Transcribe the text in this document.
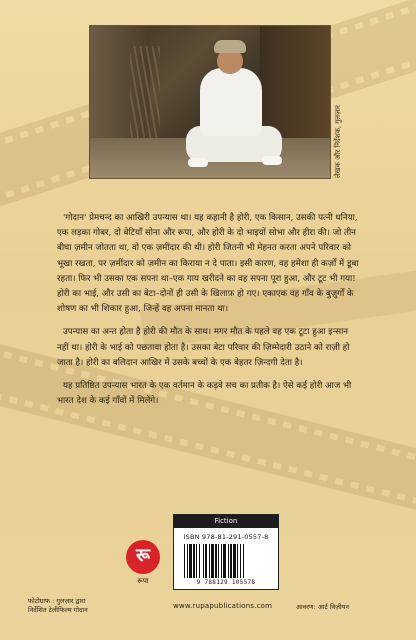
लेखक और निर्देशक, गुलज़ार

'गोदान' प्रेमचन्द का आखिरी उपन्यास था। यह कहानी है होरी, एक किसान, उसकी पत्नी धनिया, एक लड़का गोबर, दो बेटियाँ सोना और रूपा, और होरी के दो भाइयों सोभा और हीरा की। जो तीन बीघा ज़मीन जोतता था, वो एक ज़मींदार की थी। होरी जितनी भी मेहनत करता अपने परिवार को भूखा रखता, पर ज़मींदार को ज़मीन का किराया न दे पाता। इसी कारण, वह हमेशा ही कर्ज़ों में डूबा रहता। फिर भी उसका एक सपना था–एक गाय खरीदने का वह सपना पूरा हुआ, और टूट भी गया! होरी का भाई, और उसी का बेटा–दोनों ही उसी के खिलाफ़ हो गए। एकाएक वह गाँव के बुज़ुर्गों के शोषण का भी शिकार हुआ, जिन्हें वह अपना मानता था।

उपन्यास का अन्त होता है होरी की मौत के साथ। मगर मौत के पहले वह एक टूटा हुआ इन्सान नहीं था। होरी के भाई को पछतावा होता है। उसका बेटा परिवार की ज़िम्मेदारी उठाने को राज़ी हो जाता है। होरी का बलिदान आखिर में उसके बच्चों के एक बेहतर ज़िन्दगी देता है।

यह प्रतिष्ठित उपन्यास भारत के एक वर्तमान के कड़वे सच का प्रतीक है। ऐसे कई होरी आज भी भारत देश के कई गाँवों में मिलेंगे।

रू
रूपा
Fiction
ISBN 978-81-291-0557-8
9 788129 105578
फोटोग्राफ : गुलज़ार द्वारा
निर्देशित टेलीफिल्म गोदान	www.rupapublications.com	आवरण: आर्ट विज़ीयन
